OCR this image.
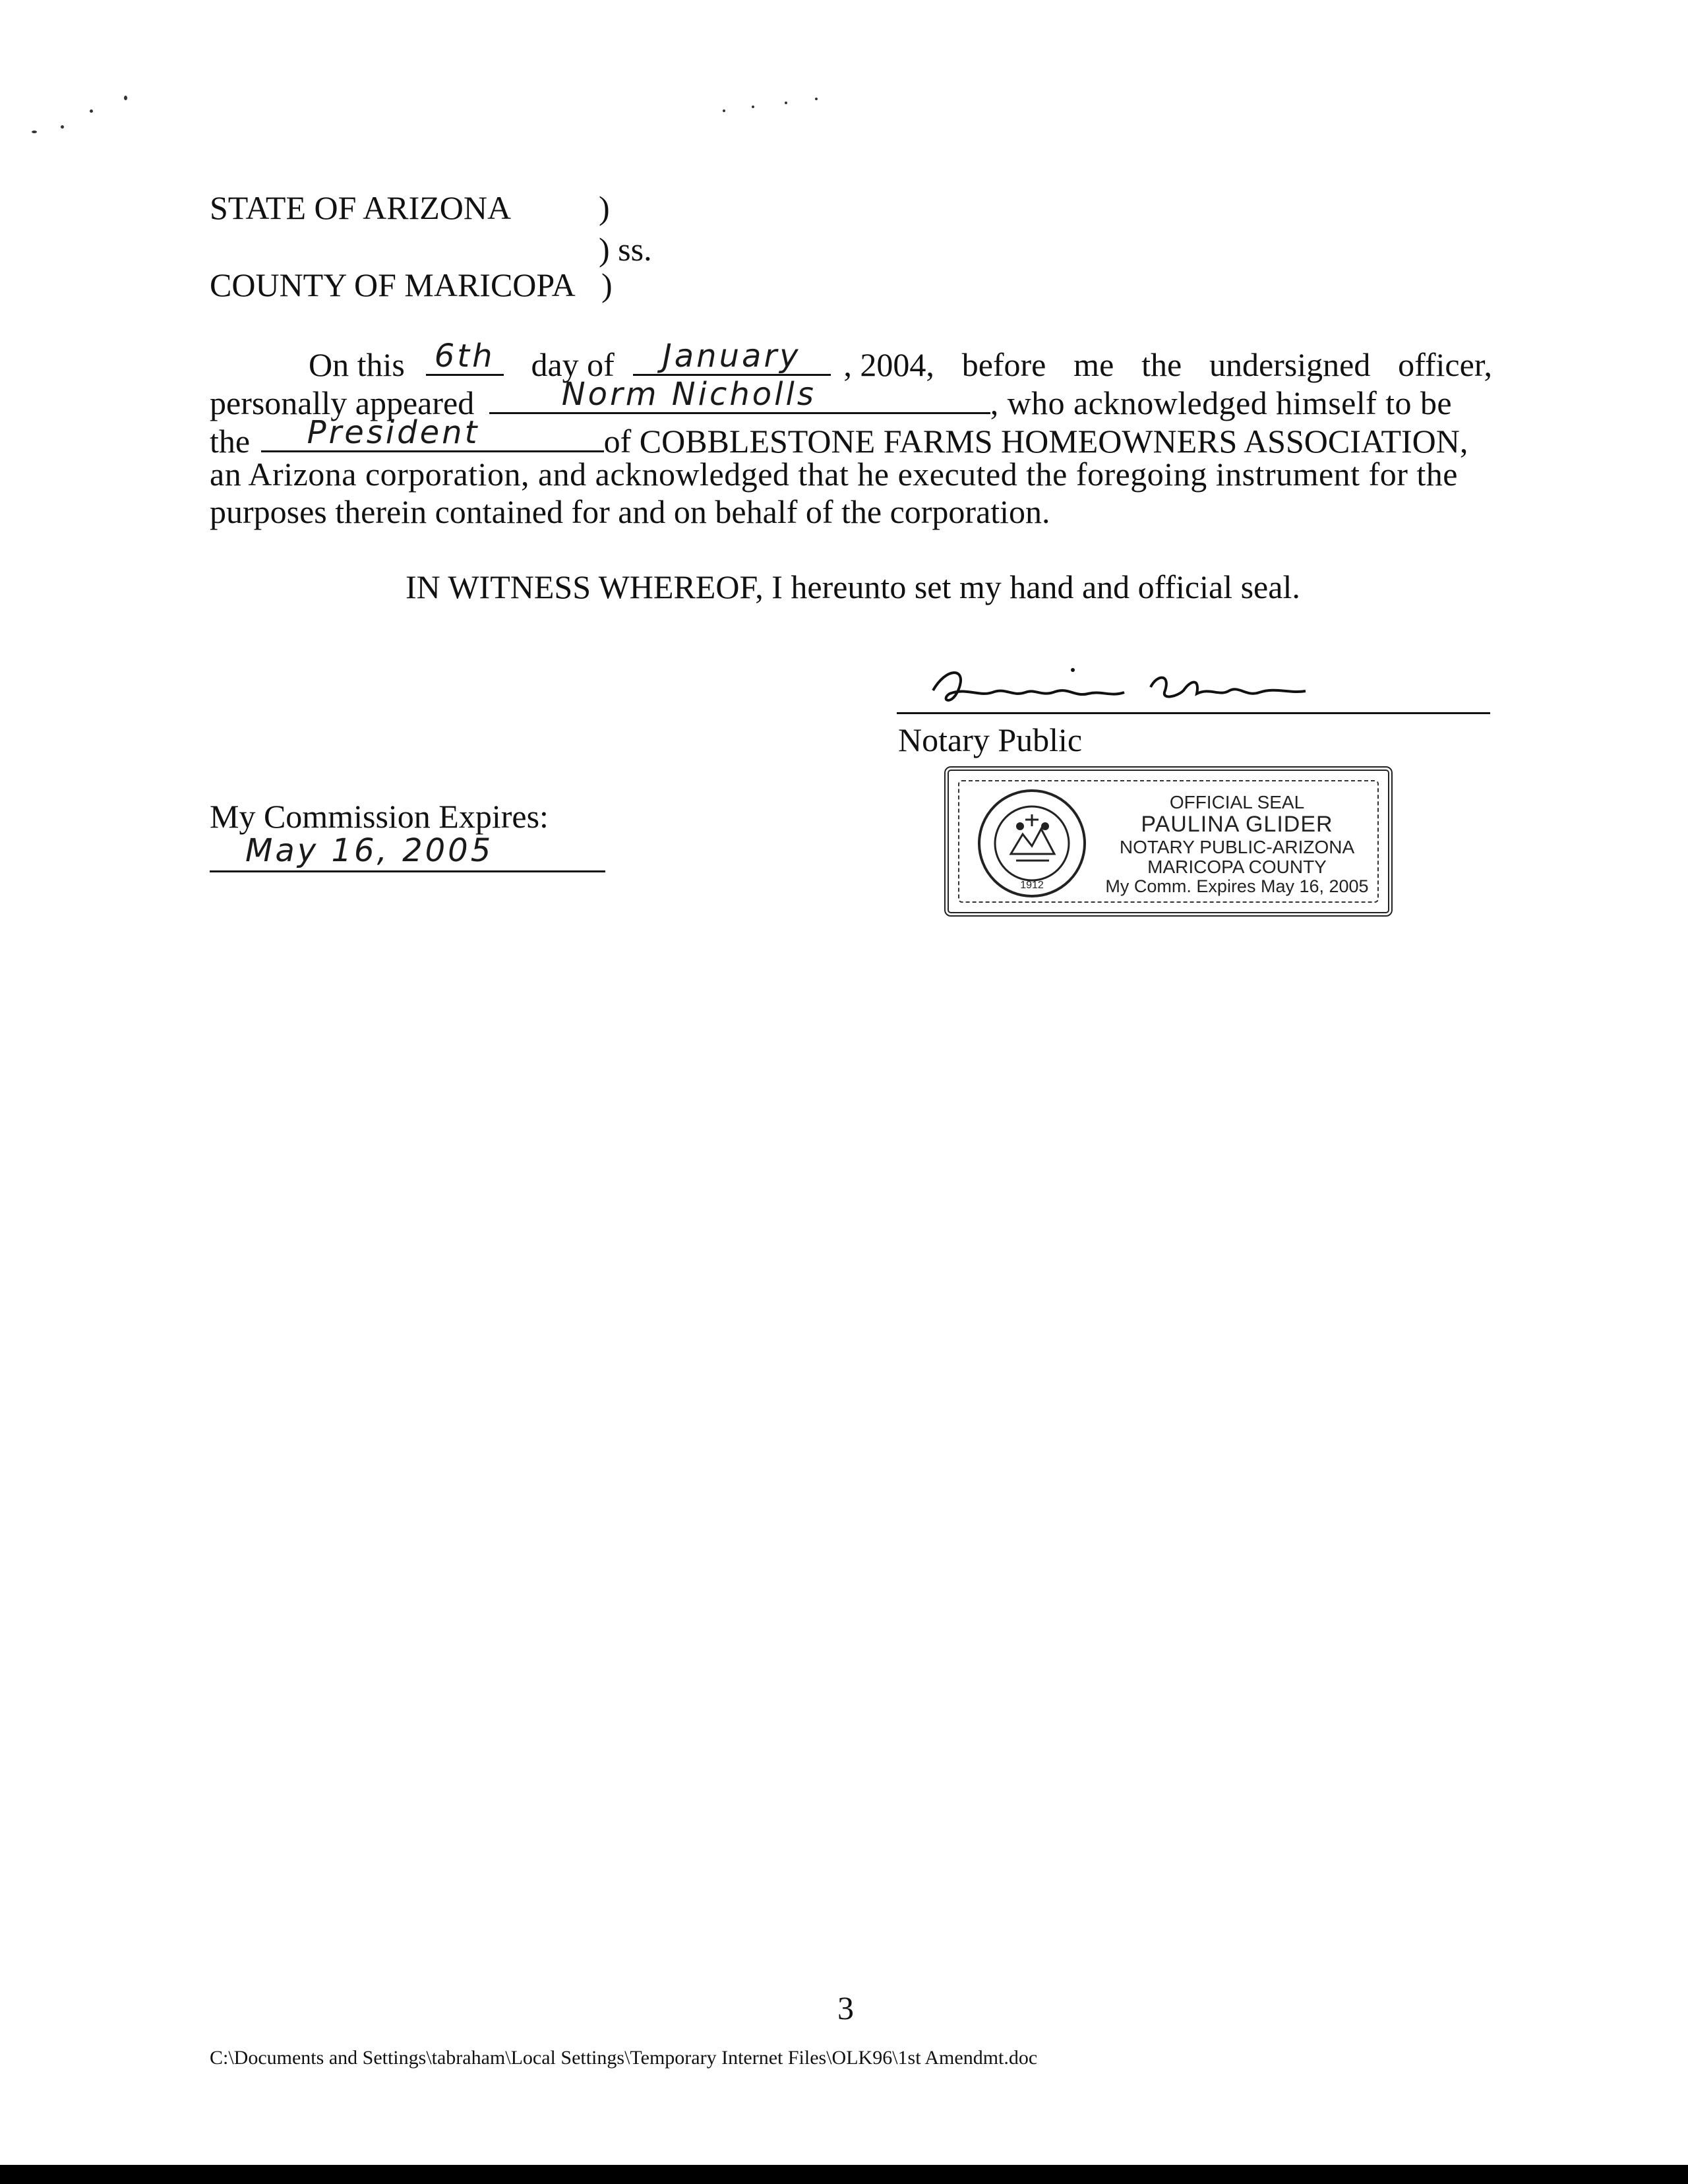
STATE OF ARIZONA	)
) ss.
COUNTY OF MARICOPA )
On this 6th day of	January	, 2004, before me the undersigned officer,
personally appeared	Norm Nicholls	, who acknowledged himself to be
the	President	of COBBLESTONE FARMS HOMEOWNERS ASSOCIATION,
an Arizona corporation, and acknowledged that he executed the foregoing instrument for the
purposes therein contained for and on behalf of the corporation.
IN WITNESS WHEREOF, I hereunto set my hand and official seal.
Notary Public
My Commission Expires:
May 16, 2005
1912
OFFICIAL SEAL
PAULINA GLIDER
NOTARY PUBLIC-ARIZONA
MARICOPA COUNTY
My Comm. Expires May 16, 2005
3
C:\Documents and Settings\tabraham\Local Settings\Temporary Internet Files\OLK96\1st Amendmt.doc
